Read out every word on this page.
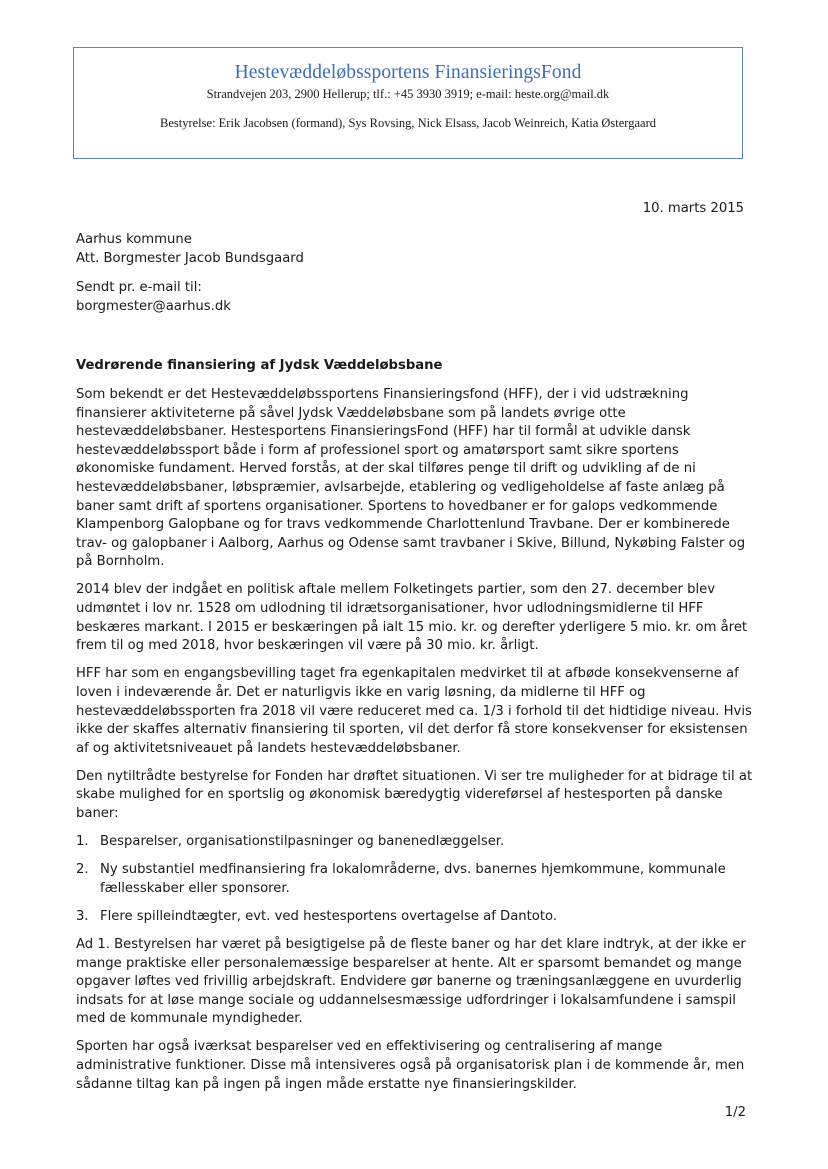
Hestevæddeløbssportens FinansieringsFond
Strandvejen 203, 2900 Hellerup; tlf.: +45 3930 3919; e-mail: heste.org@mail.dk
Bestyrelse: Erik Jacobsen (formand), Sys Rovsing, Nick Elsass, Jacob Weinreich, Katia Østergaard
10. marts 2015
Aarhus kommune
Att. Borgmester Jacob Bundsgaard
Sendt pr. e-mail til:
borgmester@aarhus.dk
Vedrørende finansiering af Jydsk Væddeløbsbane

Som bekendt er det Hestevæddeløbssportens Finansieringsfond (HFF), der i vid udstrækning finansierer aktiviteterne på såvel Jydsk Væddeløbsbane som på landets øvrige otte hestevæddeløbsbaner. Hestesportens FinansieringsFond (HFF) har til formål at udvikle dansk hestevæddeløbssport både i form af professionel sport og amatørsport samt sikre sportens økonomiske fundament. Herved forstås, at der skal tilføres penge til drift og udvikling af de ni hestevæddeløbsbaner, løbspræmier, avlsarbejde, etablering og vedligeholdelse af faste anlæg på baner samt drift af sportens organisationer. Sportens to hovedbaner er for galops vedkommende Klampenborg Galopbane og for travs vedkommende Charlottenlund Travbane. Der er kombinerede trav- og galopbaner i Aalborg, Aarhus og Odense samt travbaner i Skive, Billund, Nykøbing Falster og på Bornholm.

2014 blev der indgået en politisk aftale mellem Folketingets partier, som den 27. december blev udmøntet i lov nr. 1528 om udlodning til idrætsorganisationer, hvor udlodningsmidlerne til HFF beskæres markant. I 2015 er beskæringen på ialt 15 mio. kr. og derefter yderligere 5 mio. kr. om året frem til og med 2018, hvor beskæringen vil være på 30 mio. kr. årligt.

HFF har som en engangsbevilling taget fra egenkapitalen medvirket til at afbøde konsekvenserne af loven i indeværende år. Det er naturligvis ikke en varig løsning, da midlerne til HFF og hestevæddeløbssporten fra 2018 vil være reduceret med ca. 1/3 i forhold til det hidtidige niveau. Hvis ikke der skaffes alternativ finansiering til sporten, vil det derfor få store konsekvenser for eksistensen af og aktivitetsniveauet på landets hestevæddeløbsbaner.

Den nytiltrådte bestyrelse for Fonden har drøftet situationen. Vi ser tre muligheder for at bidrage til at skabe mulighed for en sportslig og økonomisk bæredygtig videreførsel af hestesporten på danske baner:

1. Besparelser, organisationstilpasninger og banenedlæggelser.
2. Ny substantiel medfinansiering fra lokalområderne, dvs. banernes hjemkommune, kommunale fællesskaber eller sponsorer.
3. Flere spilleindtægter, evt. ved hestesportens overtagelse af Dantoto.

Ad 1. Bestyrelsen har været på besigtigelse på de fleste baner og har det klare indtryk, at der ikke er mange praktiske eller personalemæssige besparelser at hente. Alt er sparsomt bemandet og mange opgaver løftes ved frivillig arbejdskraft. Endvidere gør banerne og træningsanlæggene en uvurderlig indsats for at løse mange sociale og uddannelsesmæssige udfordringer i lokalsamfundene i samspil med de kommunale myndigheder.

Sporten har også iværksat besparelser ved en effektivisering og centralisering af mange administrative funktioner. Disse må intensiveres også på organisatorisk plan i de kommende år, men sådanne tiltag kan på ingen på ingen måde erstatte nye finansieringskilder.

1/2
